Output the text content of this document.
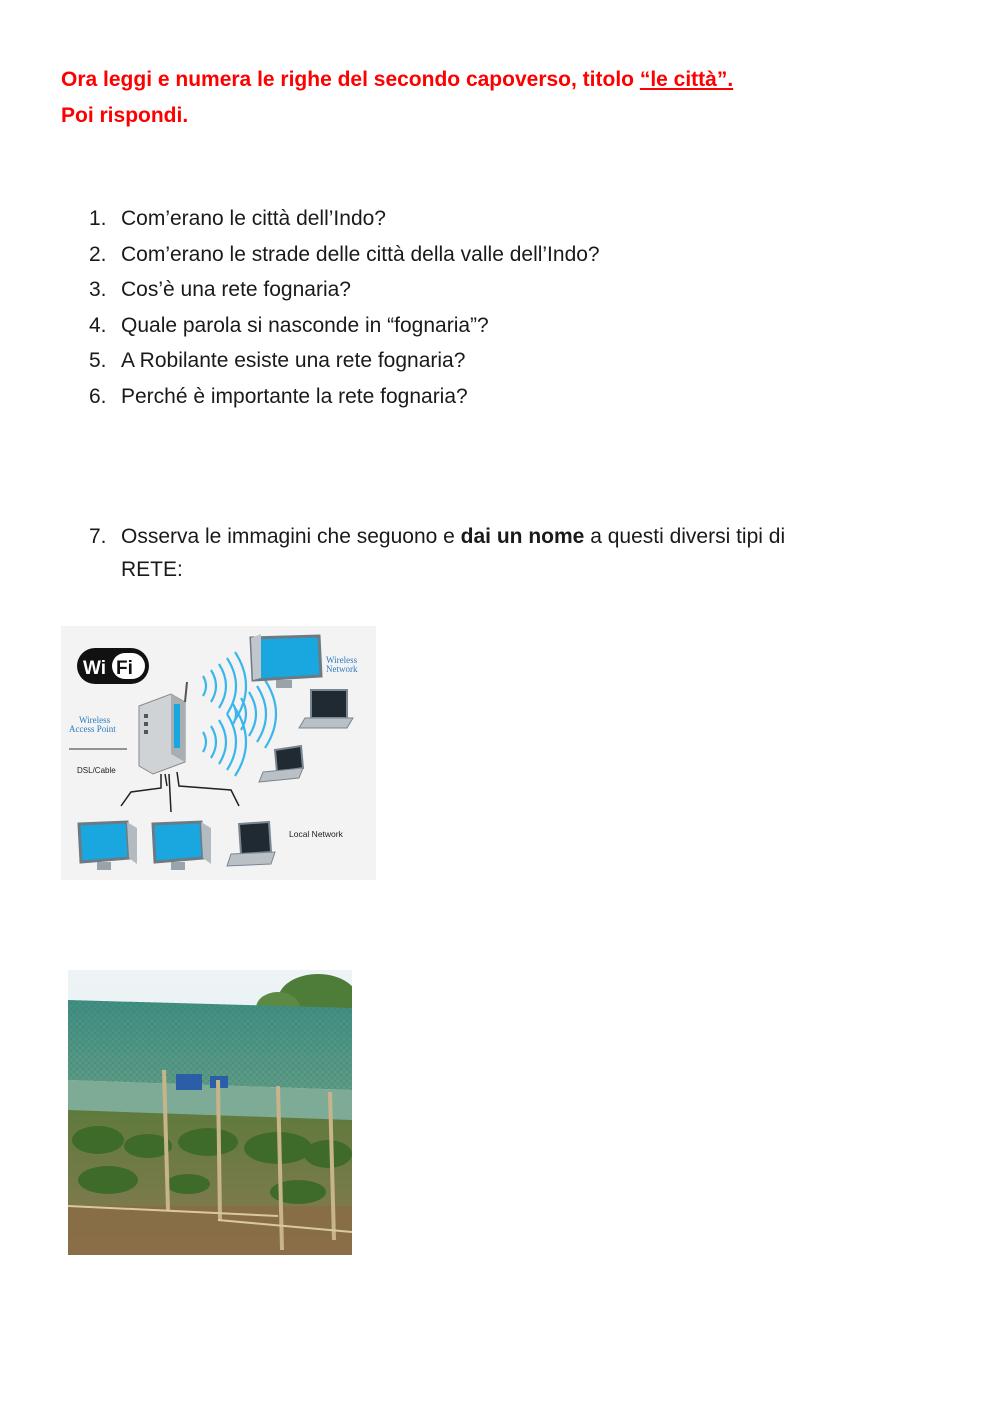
Ora leggi e numera le righe del secondo capoverso, titolo “le città”.
Poi rispondi.
1. Com’erano le città dell’Indo?
2. Com’erano le strade delle città della valle dell’Indo?
3. Cos’è una rete fognaria?
4. Quale parola si nasconde in “fognaria”?
5. A Robilante esiste una rete fognaria?
6. Perché è importante la rete fognaria?
7. Osserva le immagini che seguono e dai un nome a questi diversi tipi di
RETE:
Wi Fi	Wireless
Network
Wireless
Access Point
DSL/Cable
Local Network
